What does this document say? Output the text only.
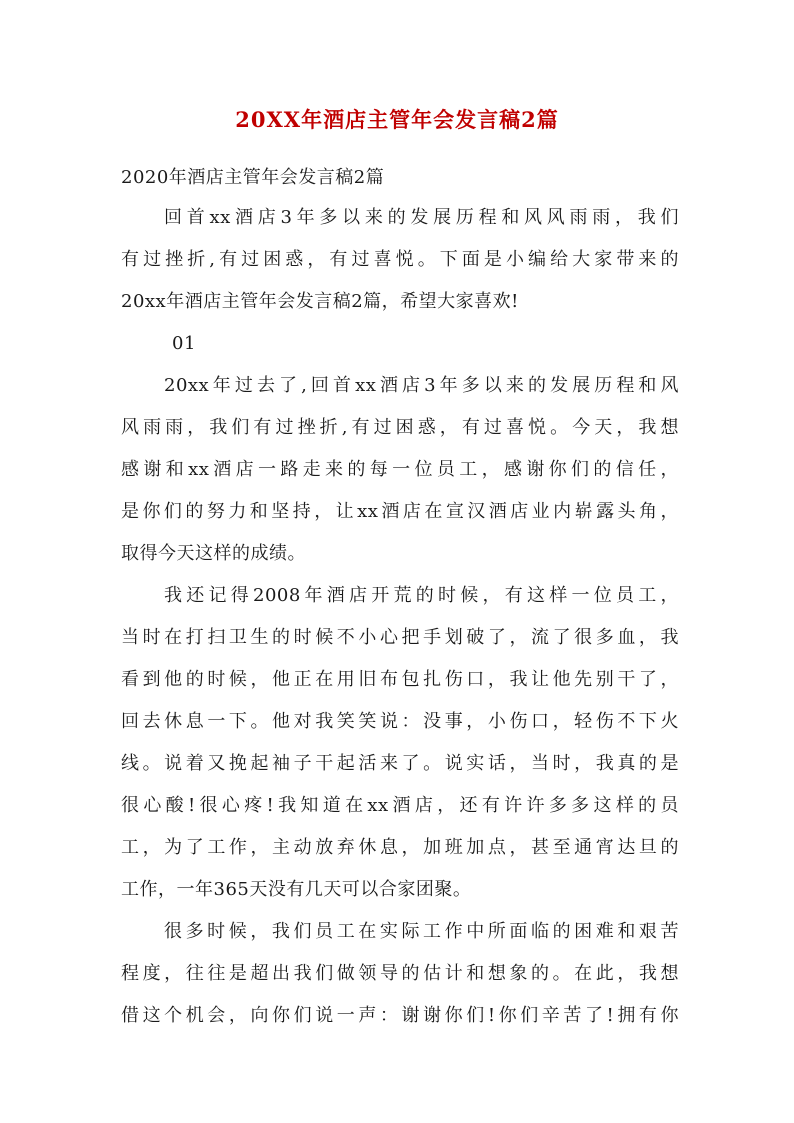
20XX年酒店主管年会发言稿2篇
2020年酒店主管年会发言稿2篇
回首xx酒店3年多以来的发展历程和风风雨雨，我们
有过挫折,有过困惑，有过喜悦。下面是小编给大家带来的
20xx年酒店主管年会发言稿2篇，希望大家喜欢!
01
20xx年过去了,回首xx酒店3年多以来的发展历程和风
风雨雨，我们有过挫折,有过困惑，有过喜悦。今天，我想
感谢和xx酒店一路走来的每一位员工，感谢你们的信任，
是你们的努力和坚持，让xx酒店在宣汉酒店业内崭露头角，
取得今天这样的成绩。
我还记得2008年酒店开荒的时候，有这样一位员工，
当时在打扫卫生的时候不小心把手划破了，流了很多血，我
看到他的时候，他正在用旧布包扎伤口，我让他先别干了，
回去休息一下。他对我笑笑说：没事，小伤口，轻伤不下火
线。说着又挽起袖子干起活来了。说实话，当时，我真的是
很心酸!很心疼!我知道在xx酒店，还有许许多多这样的员
工，为了工作，主动放弃休息，加班加点，甚至通宵达旦的
工作，一年365天没有几天可以合家团聚。
很多时候，我们员工在实际工作中所面临的困难和艰苦
程度，往往是超出我们做领导的估计和想象的。在此，我想
借这个机会，向你们说一声：谢谢你们!你们辛苦了!拥有你
